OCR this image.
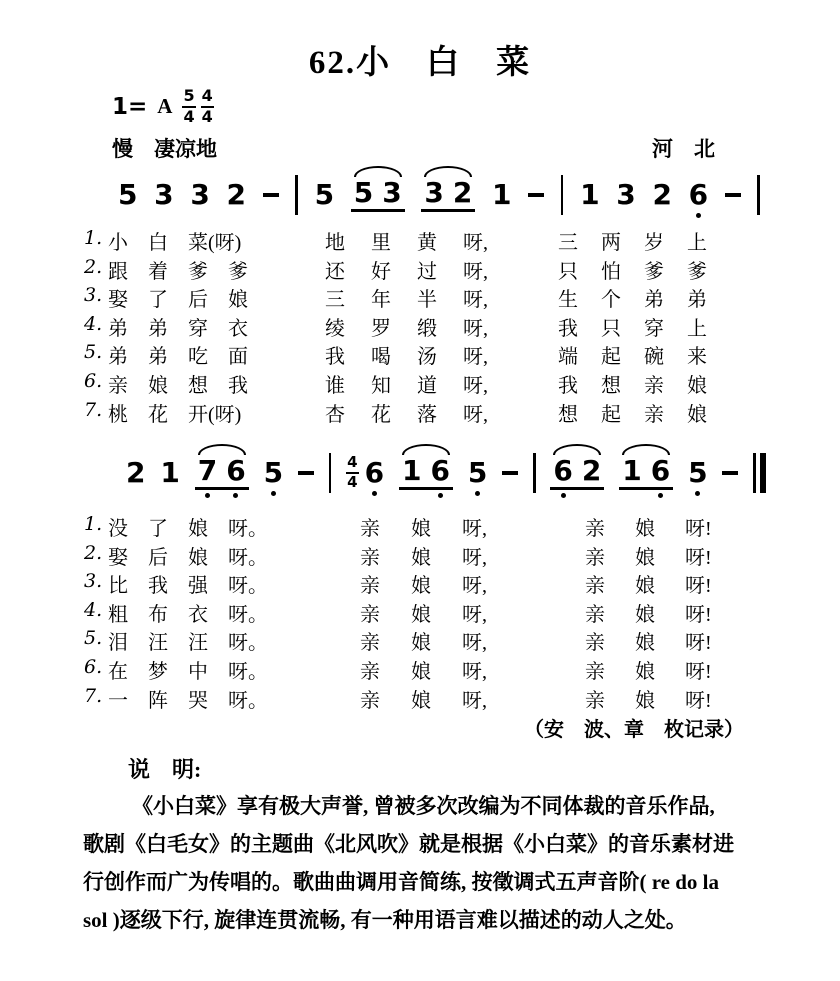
62.小　白　菜
1= A $\frac{5}{4} \frac{4}{4}$
慢　凄凉地	河　北
5 3 3 2 5 5 3 3 2 1 1 3 2 6
1. 小 白 菜(呀)	地 里 黄 呀,	三 两 岁 上
2. 跟 着 爹 爹	还 好 过 呀,	只 怕 爹 爹
3. 娶 了 后 娘	三 年 半 呀,	生 个 弟 弟
4. 弟 弟 穿 衣	绫 罗 缎 呀,	我 只 穿 上
5. 弟 弟 吃 面	我 喝 汤 呀,	端 起 碗 来
6. 亲 娘 想 我	谁 知 道 呀,	我 想 亲 娘
7. 桃 花 开(呀)	杏 花 落 呀,	想 起 亲 娘
2 1 7 6 5	$\frac{4}{4} 6$ 1 6 5 6 2 1 6 5
1. 没 了 娘 呀。	亲 娘 呀,	亲 娘 呀!
2. 娶 后 娘 呀。	亲 娘 呀,	亲 娘 呀!
3. 比 我 强 呀。	亲 娘 呀,	亲 娘 呀!
4. 粗 布 衣 呀。	亲 娘 呀,	亲 娘 呀!
5. 泪 汪 汪 呀。	亲 娘 呀,	亲 娘 呀!
6. 在 梦 中 呀。	亲 娘 呀,	亲 娘 呀!
7. 一 阵 哭 呀。	亲 娘 呀,	亲 娘 呀!
（安　波、章　枚记录）
说　明:
《小白菜》享有极大声誉, 曾被多次改编为不同体裁的音乐作品,
歌剧《白毛女》的主题曲《北风吹》就是根据《小白菜》的音乐素材进
行创作而广为传唱的。歌曲曲调用音简练, 按徵调式五声音阶( re do la
sol )逐级下行, 旋律连贯流畅, 有一种用语言难以描述的动人之处。
